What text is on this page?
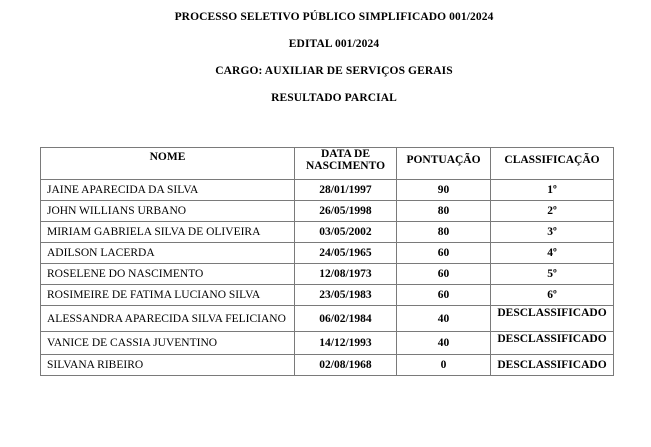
PROCESSO SELETIVO PÚBLICO SIMPLIFICADO 001/2024
EDITAL 001/2024
CARGO: AUXILIAR DE SERVIÇOS GERAIS
RESULTADO PARCIAL
NOME	DATA DE NASCIMENTO	PONTUAÇÃO	CLASSIFICAÇÃO
JAINE APARECIDA DA SILVA	28/01/1997	90	1º
JOHN WILLIANS URBANO	26/05/1998	80	2º
MIRIAM GABRIELA SILVA DE OLIVEIRA	03/05/2002	80	3º
ADILSON LACERDA	24/05/1965	60	4º
ROSELENE DO NASCIMENTO	12/08/1973	60	5º
ROSIMEIRE DE FATIMA LUCIANO SILVA	23/05/1983	60	6º
ALESSANDRA APARECIDA SILVA FELICIANO	06/02/1984	40	DESCLASSIFICADO
VANICE DE CASSIA JUVENTINO	14/12/1993	40	DESCLASSIFICADO
SILVANA RIBEIRO	02/08/1968	0	DESCLASSIFICADO
